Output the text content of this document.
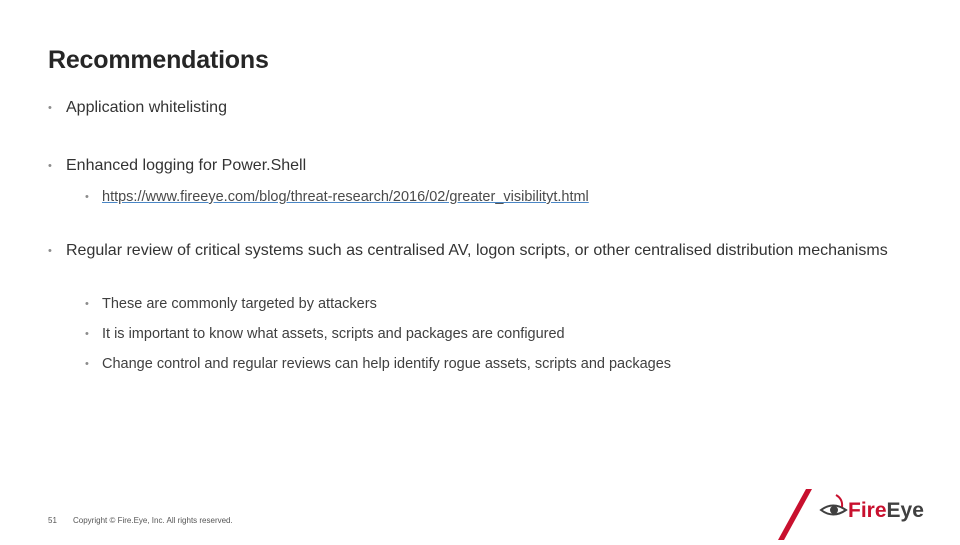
Recommendations
• Application whitelisting
• Enhanced logging for Power.Shell
• https://www.fireeye.com/blog/threat-research/2016/02/greater_visibilityt.html
• Regular review of critical systems such as centralised AV, logon scripts, or other centralised distribution mechanisms
• These are commonly targeted by attackers
• It is important to know what assets, scripts and packages are configured
• Change control and regular reviews can help identify rogue assets, scripts and packages
51 Copyright © Fire.Eye, Inc. All rights reserved.	FireEye
